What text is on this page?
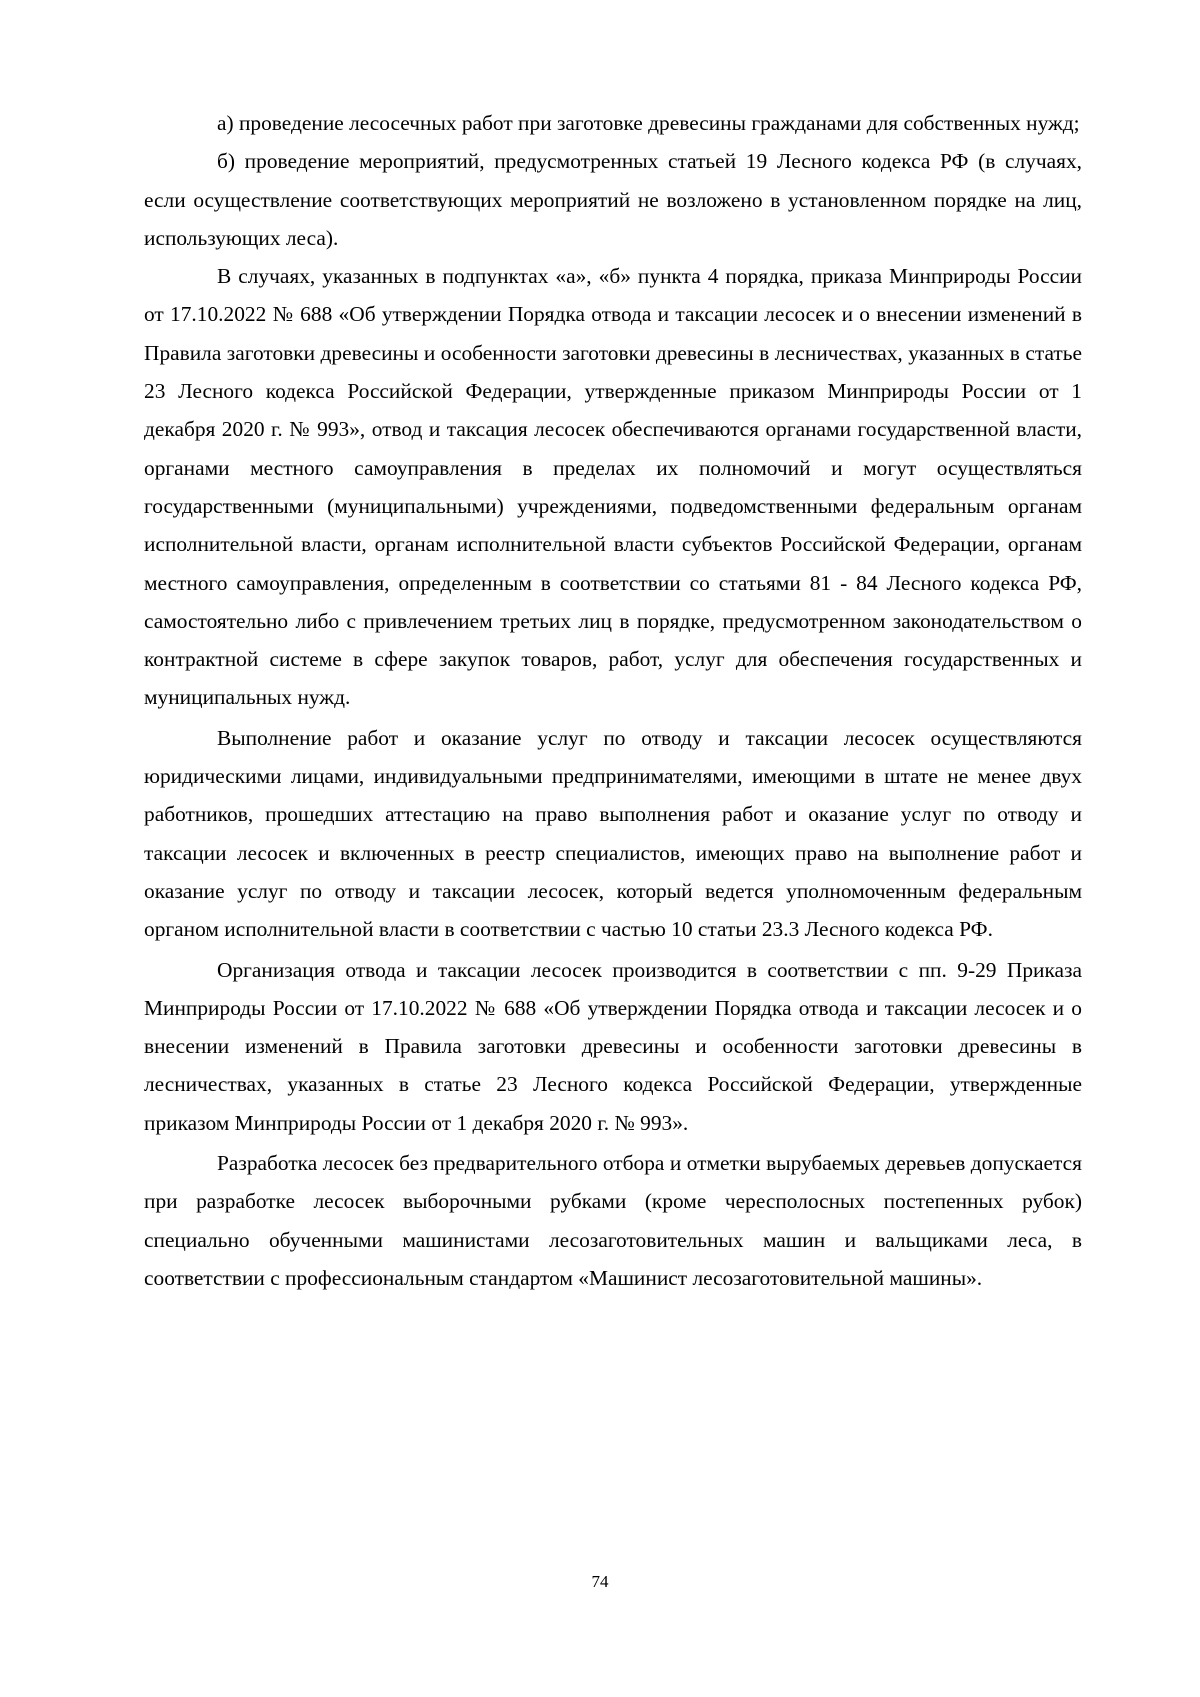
а) проведение лесосечных работ при заготовке древесины гражданами для собственных нужд;

б) проведение мероприятий, предусмотренных статьей 19 Лесного кодекса РФ (в случаях, если осуществление соответствующих мероприятий не возложено в установленном порядке на лиц, использующих леса).

В случаях, указанных в подпунктах «а», «б» пункта 4 порядка, приказа Минприроды России от 17.10.2022 № 688 «Об утверждении Порядка отвода и таксации лесосек и о внесении изменений в Правила заготовки древесины и особенности заготовки древесины в лесничествах, указанных в статье 23 Лесного кодекса Российской Федерации, утвержденные приказом Минприроды России от 1 декабря 2020 г. № 993», отвод и таксация лесосек обеспечиваются органами государственной власти, органами местного самоуправления в пределах их полномочий и могут осуществляться государственными (муниципальными) учреждениями, подведомственными федеральным органам исполнительной власти, органам исполнительной власти субъектов Российской Федерации, органам местного самоуправления, определенным в соответствии со статьями 81 - 84 Лесного кодекса РФ, самостоятельно либо с привлечением третьих лиц в порядке, предусмотренном законодательством о контрактной системе в сфере закупок товаров, работ, услуг для обеспечения государственных и муниципальных нужд.

Выполнение работ и оказание услуг по отводу и таксации лесосек осуществляются юридическими лицами, индивидуальными предпринимателями, имеющими в штате не менее двух работников, прошедших аттестацию на право выполнения работ и оказание услуг по отводу и таксации лесосек и включенных в реестр специалистов, имеющих право на выполнение работ и оказание услуг по отводу и таксации лесосек, который ведется уполномоченным федеральным органом исполнительной власти в соответствии с частью 10 статьи 23.3 Лесного кодекса РФ.

Организация отвода и таксации лесосек производится в соответствии с пп. 9-29 Приказа Минприроды России от 17.10.2022 № 688 «Об утверждении Порядка отвода и таксации лесосек и о внесении изменений в Правила заготовки древесины и особенности заготовки древесины в лесничествах, указанных в статье 23 Лесного кодекса Российской Федерации, утвержденные приказом Минприроды России от 1 декабря 2020 г. № 993».

Разработка лесосек без предварительного отбора и отметки вырубаемых деревьев допускается при разработке лесосек выборочными рубками (кроме чересполосных постепенных рубок) специально обученными машинистами лесозаготовительных машин и вальщиками леса, в соответствии с профессиональным стандартом «Машинист лесозаготовительной машины».

74
